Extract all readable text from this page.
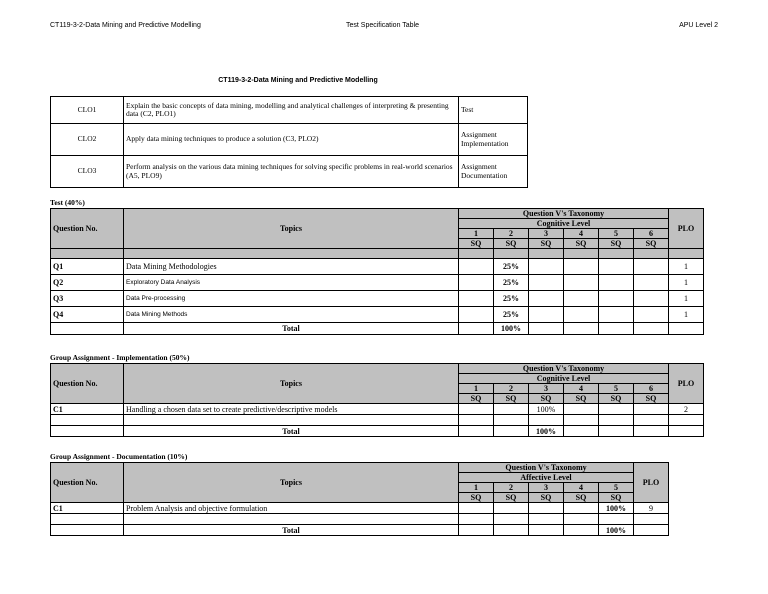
CT119-3-2-Data Mining and Predictive Modelling	Test Specification Table	APU Level 2
CT119-3-2-Data Mining and Predictive Modelling
CLO1	Explain the basic concepts of data mining, modelling and analytical challenges of interpreting & presenting data (C2, PLO1)	Test
CLO2	Apply data mining techniques to produce a solution (C3, PLO2)	Assignment Implementation
CLO3	Perform analysis on the various data mining techniques for solving specific problems in real-world scenarios (A5, PLO9)	Assignment Documentation
Test (40%)
Question No.	Topics	Question V's Taxonomy						PLO
		Cognitive Level						
		1	2	3	4	5	6	
		SQ	SQ	SQ	SQ	SQ	SQ	

Q1	Data Mining Methodologies		25%					1
Q2	Exploratory Data Analysis		25%					1
Q3	Data Pre-processing		25%					1
Q4	Data Mining Methods		25%					1
	Total		100%					
Group Assignment - Implementation (50%)
Question No.	Topics	Question V's Taxonomy						PLO
		Cognitive Level						
		1	2	3	4	5	6	
		SQ	SQ	SQ	SQ	SQ	SQ	
C1	Handling a chosen data set to create predictive/descriptive models			100%				2

	Total			100%				
Group Assignment - Documentation (10%)
Question No.	Topics	Question V's Taxonomy					PLO
		Affective Level					
		1	2	3	4	5	
		SQ	SQ	SQ	SQ	SQ	
C1	Problem Analysis and objective formulation					100%	9

	Total					100%	
